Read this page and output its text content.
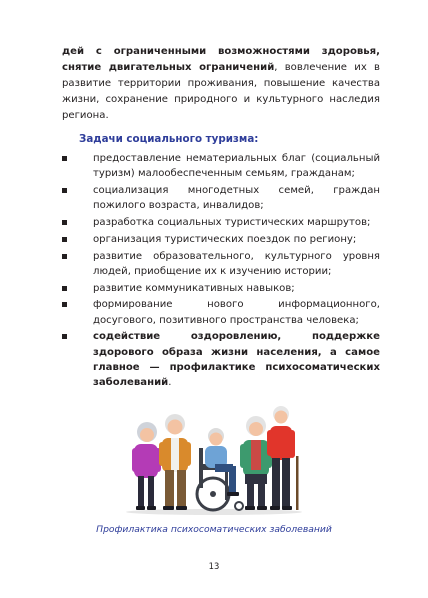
дей с ограниченными возможностями здоровья, снятие двигательных ограничений, вовлечение их в развитие территории проживания, повышение качества жизни, сохранение природного и культурного наследия региона.

Задачи социального туризма:

предоставление нематериальных благ (социальный туризм) малообеспеченным семьям, гражданам;
социализация многодетных семей, граждан пожилого возраста, инвалидов;
разработка социальных туристических маршрутов;
организация туристических поездок по региону;
развитие образовательного, культурного уровня людей, приобщение их к изучению истории;
развитие коммуникативных навыков;
формирование нового информационного, досугового, позитивного пространства человека;
содействие оздоровлению, поддержке здорового образа жизни населения, а самое главное — профилактике психосоматических заболеваний.

Профилактика психосоматических заболеваний

13
